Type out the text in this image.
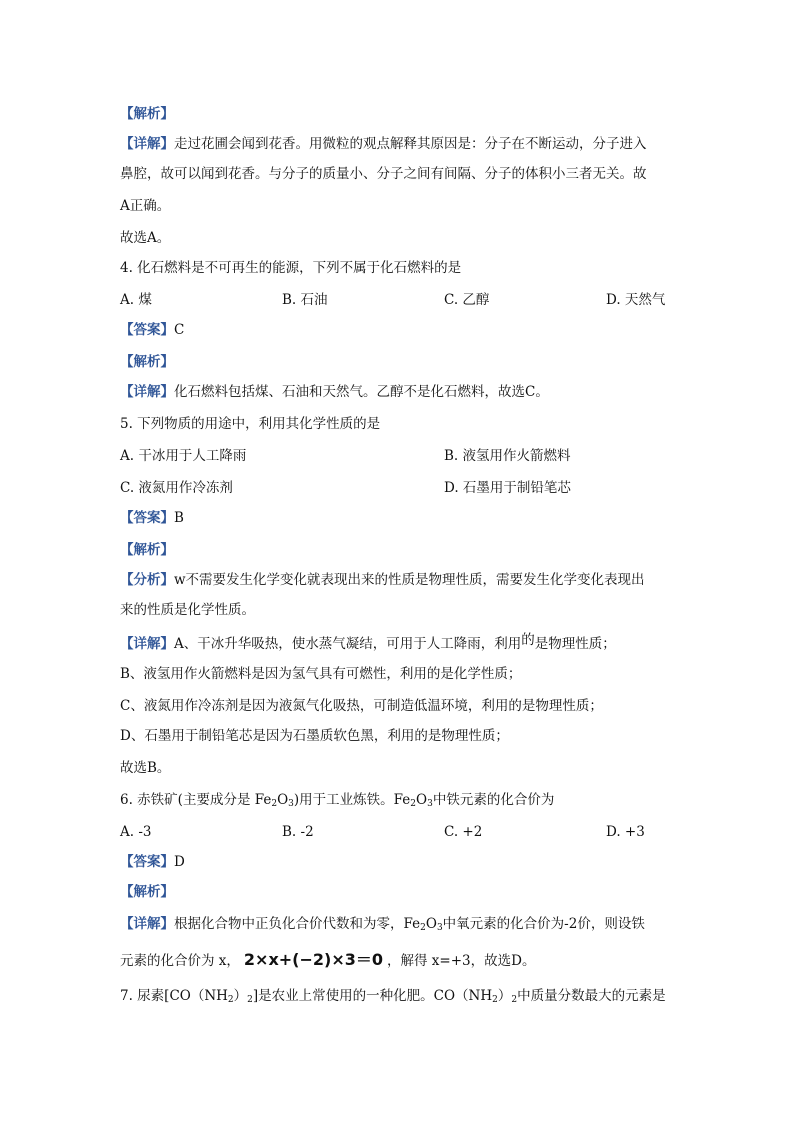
【解析】
【详解】走过花圃会闻到花香。用微粒的观点解释其原因是：分子在不断运动，分子进入
鼻腔，故可以闻到花香。与分子的质量小、分子之间有间隔、分子的体积小三者无关。故
A正确。
故选A。
4. 化石燃料是不可再生的能源，下列不属于化石燃料的是
A. 煤	B. 石油	C. 乙醇	D. 天然气
【答案】C
【解析】
【详解】化石燃料包括煤、石油和天然气。乙醇不是化石燃料，故选C。
5. 下列物质的用途中，利用其化学性质的是
A. 干冰用于人工降雨	B. 液氢用作火箭燃料
C. 液氮用作冷冻剂	D. 石墨用于制铅笔芯
【答案】B
【解析】
【分析】w不需要发生化学变化就表现出来的性质是物理性质，需要发生化学变化表现出
来的性质是化学性质。
【详解】A、干冰升华吸热，使水蒸气凝结，可用于人工降雨，利用的是物理性质；
B、液氢用作火箭燃料是因为氢气具有可燃性，利用的是化学性质；
C、液氮用作冷冻剂是因为液氮气化吸热，可制造低温环境，利用的是物理性质；
D、石墨用于制铅笔芯是因为石墨质软色黑，利用的是物理性质；
故选B。
6. 赤铁矿(主要成分是 $Fe_2O_3$)用于工业炼铁。$Fe_2O_3$中铁元素的化合价为
A. -3	B. -2	C. +2	D. +3
【答案】D
【解析】
【详解】根据化合物中正负化合价代数和为零，$Fe_2O_3$中氧元素的化合价为-2价，则设铁
元素的化合价为 x， 2×x+(−2)×3＝0 ，解得 x=+3，故选D。
7. 尿素$[CO(NH_2)_2]$是农业上常使用的一种化肥。$CO(NH_2)_2$中质量分数最大的元素是
